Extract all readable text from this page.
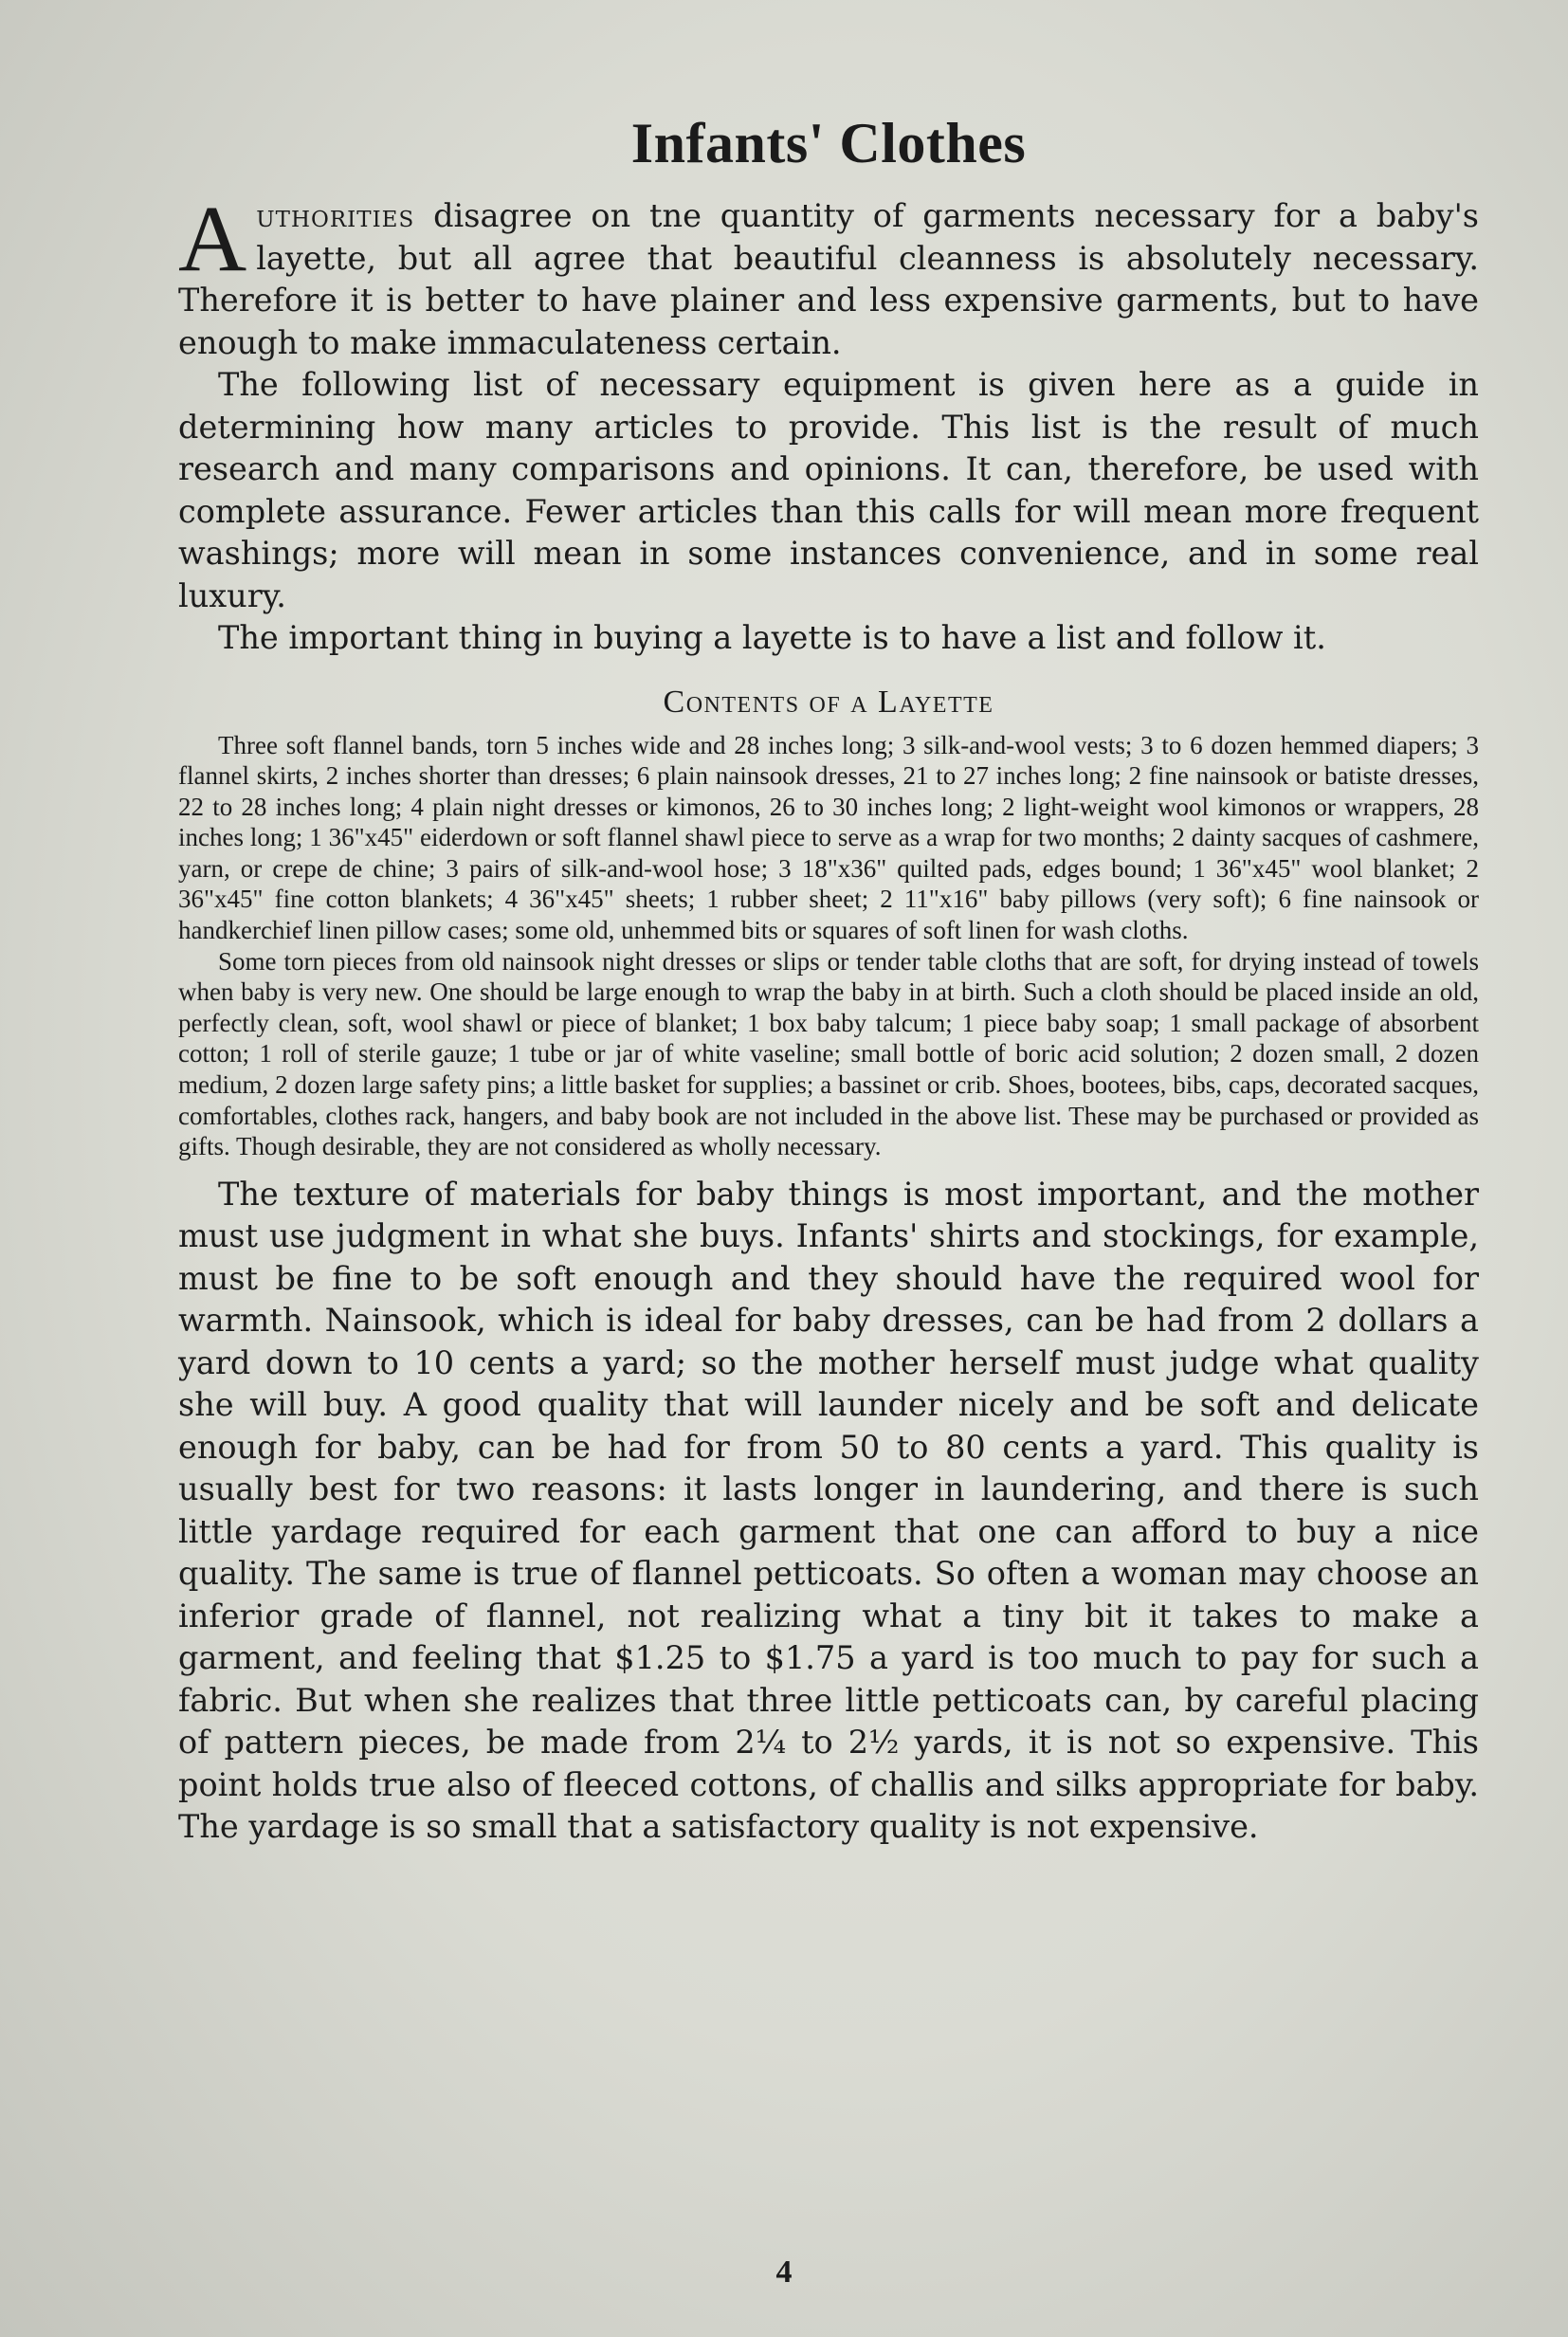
Infants' Clothes

Authorities disagree on tne quantity of garments necessary for a baby's layette, but all agree that beautiful cleanness is absolutely necessary. Therefore it is better to have plainer and less expensive garments, but to have enough to make immaculateness certain.

The following list of necessary equipment is given here as a guide in determining how many articles to provide. This list is the result of much research and many comparisons and opinions. It can, therefore, be used with complete assurance. Fewer articles than this calls for will mean more frequent washings; more will mean in some instances convenience, and in some real luxury.

The important thing in buying a layette is to have a list and follow it.

Contents of a Layette

Three soft flannel bands, torn 5 inches wide and 28 inches long; 3 silk-and-wool vests; 3 to 6 dozen hemmed diapers; 3 flannel skirts, 2 inches shorter than dresses; 6 plain nainsook dresses, 21 to 27 inches long; 2 fine nainsook or batiste dresses, 22 to 28 inches long; 4 plain night dresses or kimonos, 26 to 30 inches long; 2 light-weight wool kimonos or wrappers, 28 inches long; 1 36"x45" eiderdown or soft flannel shawl piece to serve as a wrap for two months; 2 dainty sacques of cashmere, yarn, or crepe de chine; 3 pairs of silk-and-wool hose; 3 18"x36" quilted pads, edges bound; 1 36"x45" wool blanket; 2 36"x45" fine cotton blankets; 4 36"x45" sheets; 1 rubber sheet; 2 11"x16" baby pillows (very soft); 6 fine nainsook or handkerchief linen pillow cases; some old, unhemmed bits or squares of soft linen for wash cloths.

Some torn pieces from old nainsook night dresses or slips or tender table cloths that are soft, for drying instead of towels when baby is very new. One should be large enough to wrap the baby in at birth. Such a cloth should be placed inside an old, perfectly clean, soft, wool shawl or piece of blanket; 1 box baby talcum; 1 piece baby soap; 1 small package of absorbent cotton; 1 roll of sterile gauze; 1 tube or jar of white vaseline; small bottle of boric acid solution; 2 dozen small, 2 dozen medium, 2 dozen large safety pins; a little basket for supplies; a bassinet or crib. Shoes, bootees, bibs, caps, decorated sacques, comfortables, clothes rack, hangers, and baby book are not included in the above list. These may be purchased or provided as gifts. Though desirable, they are not considered as wholly necessary.

The texture of materials for baby things is most important, and the mother must use judgment in what she buys. Infants' shirts and stockings, for example, must be fine to be soft enough and they should have the required wool for warmth. Nainsook, which is ideal for baby dresses, can be had from 2 dollars a yard down to 10 cents a yard; so the mother herself must judge what quality she will buy. A good quality that will launder nicely and be soft and delicate enough for baby, can be had for from 50 to 80 cents a yard. This quality is usually best for two reasons: it lasts longer in laundering, and there is such little yardage required for each garment that one can afford to buy a nice quality. The same is true of flannel petticoats. So often a woman may choose an inferior grade of flannel, not realizing what a tiny bit it takes to make a garment, and feeling that $1.25 to $1.75 a yard is too much to pay for such a fabric. But when she realizes that three little petticoats can, by careful placing of pattern pieces, be made from 2¼ to 2½ yards, it is not so expensive. This point holds true also of fleeced cottons, of challis and silks appropriate for baby. The yardage is so small that a satisfactory quality is not expensive.

4
